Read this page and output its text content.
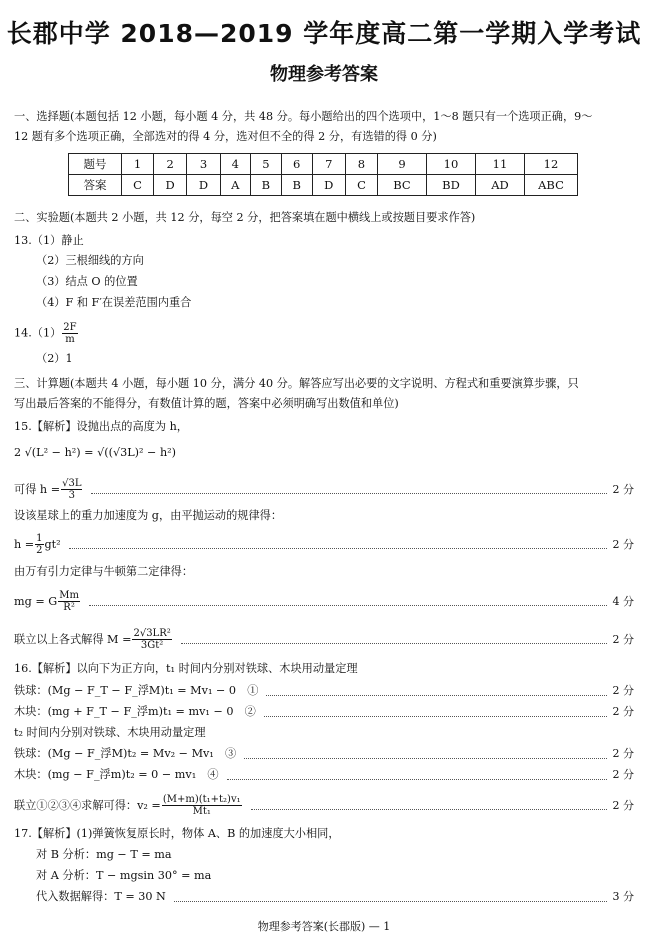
长郡中学 2018—2019 学年度高二第一学期入学考试
物理参考答案
一、选择题(本题包括 12 小题，每小题 4 分，共 48 分。每小题给出的四个选项中，1～8 题只有一个选项正确，9～
12 题有多个选项正确，全部选对的得 4 分，选对但不全的得 2 分，有选错的得 0 分)
题号	1	2	3	4	5	6	7	8	9	10	11	12
答案	C	D	D	A	B	B	D	C	BC	BD	AD	ABC
二、实验题(本题共 2 小题，共 12 分，每空 2 分，把答案填在题中横线上或按题目要求作答)
13.（1）静止
（2）三根细线的方向
（3）结点 O 的位置
（4）F 和 F′在误差范围内重合
$14.(1) \frac{2F}{m}$
（2）1
三、计算题(本题共 4 小题，每小题 10 分，满分 40 分。解答应写出必要的文字说明、方程式和重要演算步骤，只
写出最后答案的不能得分，有数值计算的题，答案中必须明确写出数值和单位)
15.【解析】设抛出点的高度为 h，
2 √(L² − h²) = √((√3L)² − h²)
可得 $h = \frac{√3L}{3}$	2 分
设该星球上的重力加速度为 g，由平抛运动的规律得：
$h = \frac{1}{2} gt^2$	2 分
由万有引力定律与牛顿第二定律得：
mg = G $\frac{Mm}{\text{R²}}$	4 分
联立以上各式解得 $M = \frac{\text{2√3LR²}}{\text{3Gt²}}$	2 分
16.【解析】以向下为正方向，t₁ 时间内分别对铁球、木块用动量定理
铁球：(Mg − F_T − F_浮M)t₁ = Mv₁ − 0　①	2 分
木块：(mg + F_T − F_浮m)t₁ = mv₁ − 0　②	2 分
t₂ 时间内分别对铁球、木块用动量定理
铁球：(Mg − F_浮M)t₂ = Mv₂ − Mv₁　③	2 分
木块：(mg − F_浮m)t₂ = 0 − mv₁　④	2 分
联立①②③④求解可得：$v_2 = \frac{\text{(M+m)(t₁+t₂)v₁}}{\text{Mt₁}}$	2 分
17.【解析】(1)弹簧恢复原长时，物体 A、B 的加速度大小相同，
对 B 分析：mg − T = ma
对 A 分析：T − mgsin 30° = ma
代入数据解得：T = 30 N	3 分
物理参考答案(长郡版) — 1
